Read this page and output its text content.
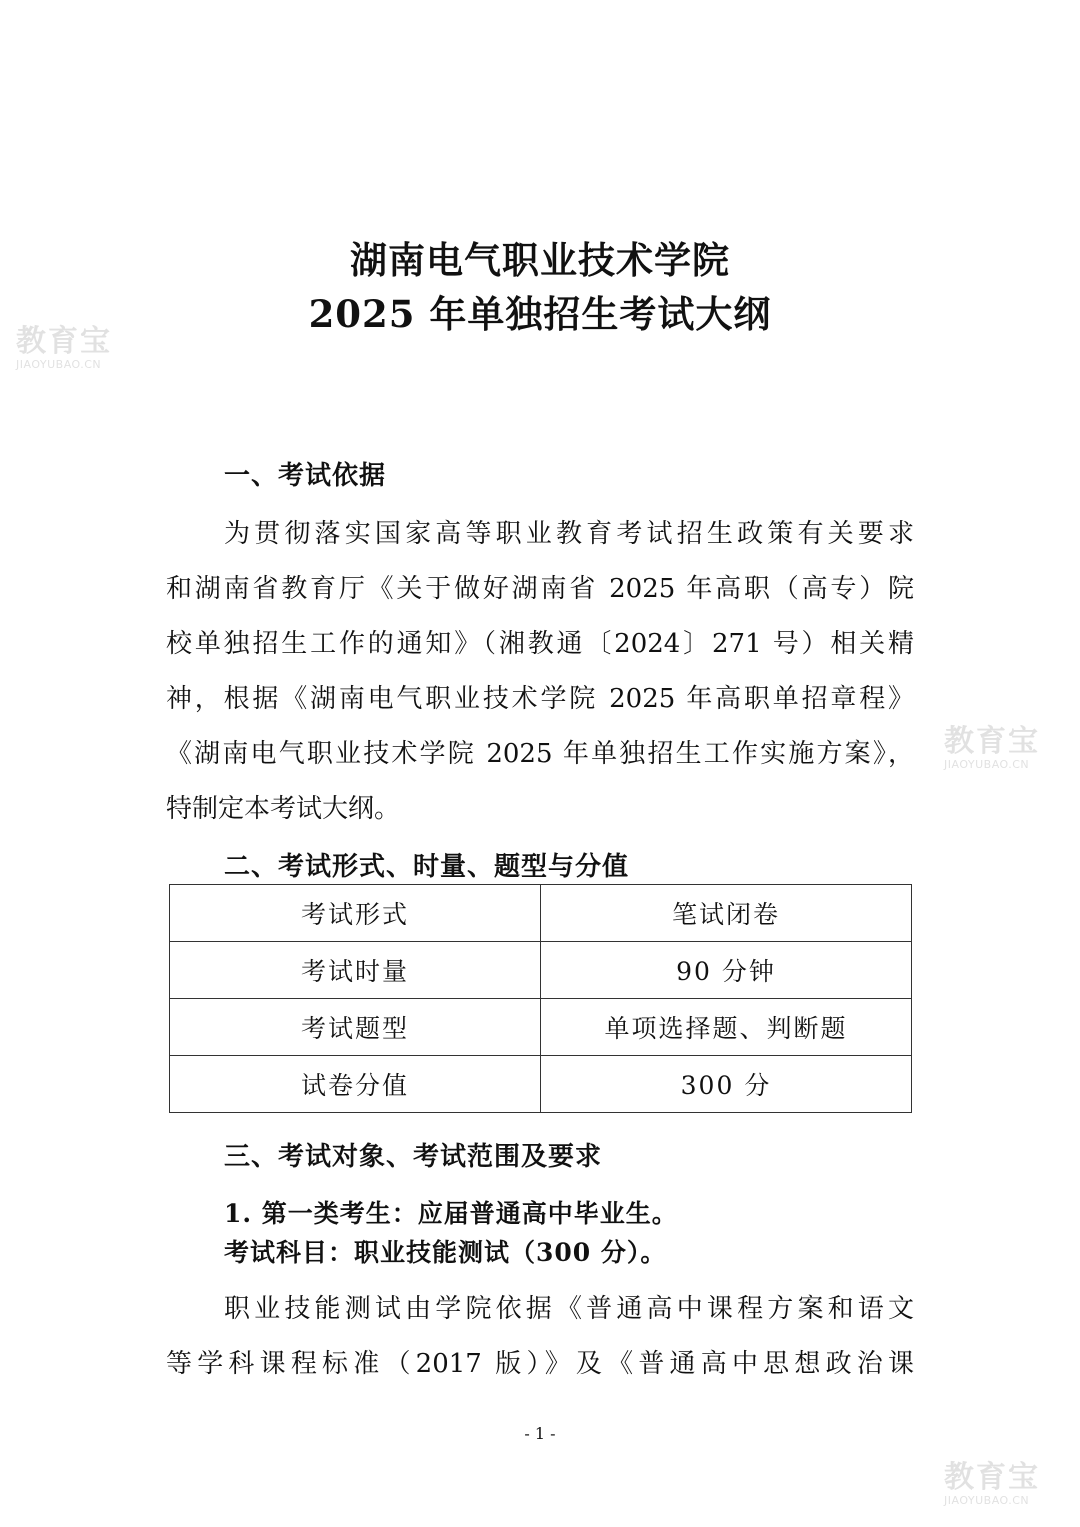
湖南电气职业技术学院
2025 年单独招生考试大纲
一、考试依据
为贯彻落实国家高等职业教育考试招生政策有关要求
和湖南省教育厅《关于做好湖南省 2025 年高职（高专）院
校单独招生工作的通知》（湘教通〔2024〕271 号）相关精
神，根据《湖南电气职业技术学院 2025 年高职单招章程》
《湖南电气职业技术学院 2025 年单独招生工作实施方案》，
特制定本考试大纲。
二、考试形式、时量、题型与分值
考试形式	笔试闭卷
考试时量	90 分钟
考试题型	单项选择题、判断题
试卷分值	300 分
三、考试对象、考试范围及要求
1. 第一类考生：应届普通高中毕业生。
考试科目：职业技能测试（300 分）。
职业技能测试由学院依据《普通高中课程方案和语文
等学科课程标准（2017 版）》及《普通高中思想政治课
- 1 -
教育宝
JIAOYUBAO.CN
教育宝
JIAOYUBAO.CN
教育宝
JIAOYUBAO.CN
